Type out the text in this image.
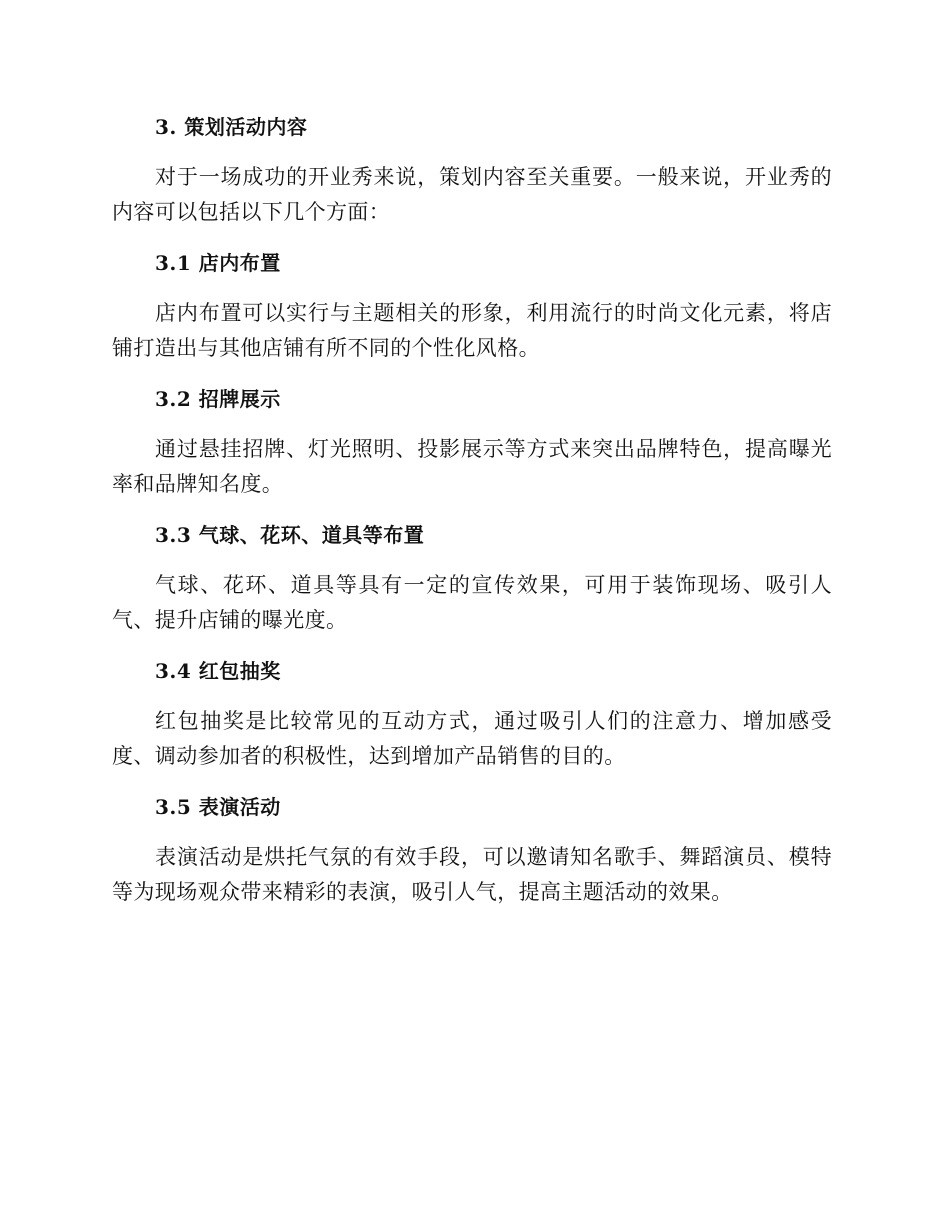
3. 策划活动内容

对于一场成功的开业秀来说，策划内容至关重要。一般来说，开业秀的内容可以包括以下几个方面：

3.1 店内布置

店内布置可以实行与主题相关的形象，利用流行的时尚文化元素，将店铺打造出与其他店铺有所不同的个性化风格。

3.2 招牌展示

通过悬挂招牌、灯光照明、投影展示等方式来突出品牌特色，提高曝光率和品牌知名度。

3.3 气球、花环、道具等布置

气球、花环、道具等具有一定的宣传效果，可用于装饰现场、吸引人气、提升店铺的曝光度。

3.4 红包抽奖

红包抽奖是比较常见的互动方式，通过吸引人们的注意力、增加感受度、调动参加者的积极性，达到增加产品销售的目的。

3.5 表演活动

表演活动是烘托气氛的有效手段，可以邀请知名歌手、舞蹈演员、模特等为现场观众带来精彩的表演，吸引人气，提高主题活动的效果。
